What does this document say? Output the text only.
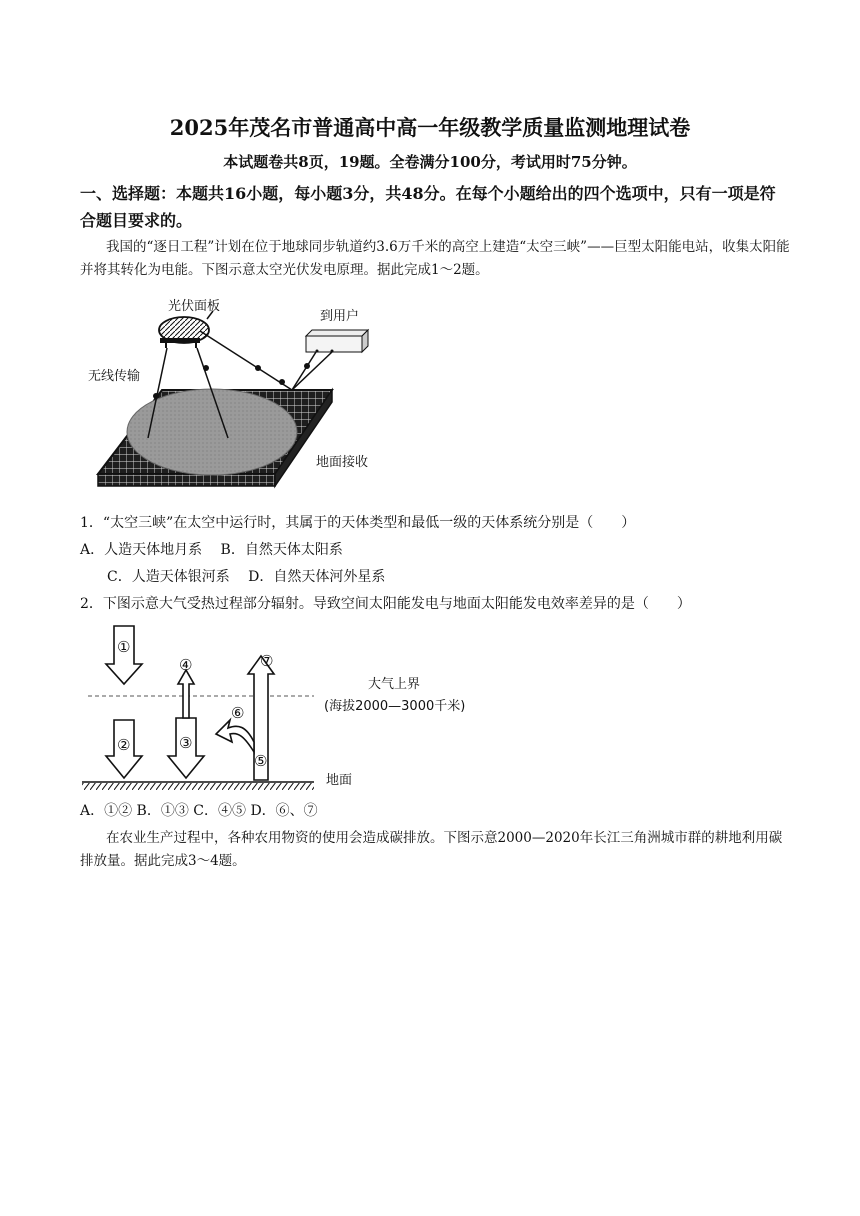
2025年茂名市普通高中高一年级教学质量监测地理试卷
本试题卷共8页，19题。全卷满分100分，考试用时75分钟。
一、选择题：本题共16小题，每小题3分，共48分。在每个小题给出的四个选项中，只有一项是符合题目要求的。
我国的“逐日工程”计划在位于地球同步轨道约3.6万千米的高空上建造“太空三峡”——巨型太阳能电站，收集太阳能并将其转化为电能。下图示意太空光伏发电原理。据此完成1～2题。
光伏面板
到用户
无线传输
地面接收
1．“太空三峡”在太空中运行时，其属于的天体类型和最低一级的天体系统分别是（　　）
A．人造天体地月系　 B．自然天体太阳系
C．人造天体银河系　 D．自然天体河外星系
2．下图示意大气受热过程部分辐射。导致空间太阳能发电与地面太阳能发电效率差异的是（　　）
①
②	③
④
⑤
⑥
⑦
大气上界
(海拔2000—3000千米)
地面
A．①② B．①③ C．④⑤ D．⑥、⑦
在农业生产过程中，各种农用物资的使用会造成碳排放。下图示意2000—2020年长江三角洲城市群的耕地利用碳排放量。据此完成3～4题。
